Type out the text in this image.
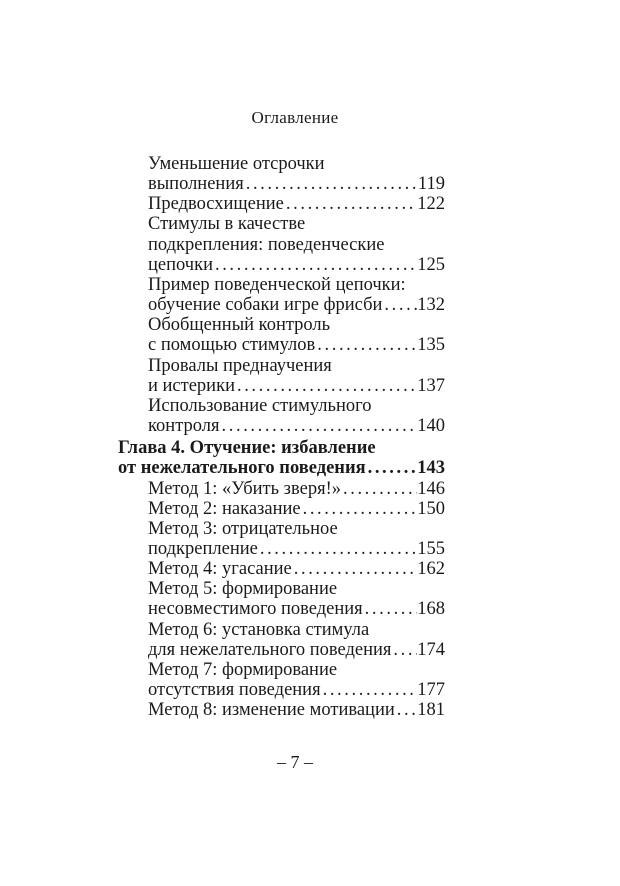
Оглавление
Уменьшение отсрочки
выполнения .....	119
Предвосхищение .....	122
Стимулы в качестве
подкрепления: поведенческие
цепочки .....	125
Пример поведенческой цепочки:
обучение собаки игре фрисби ..... 132
Обобщенный контроль
с помощью стимулов .....	135
Провалы преднаучения
и истерики .....	137
Использование стимульного
контроля .....	140
Глава 4. Отучение: избавление
от нежелательного поведения .....	143
Метод 1: «Убить зверя!» .....	146
Метод 2: наказание .....	150
Метод 3: отрицательное
подкрепление .....	155
Метод 4: угасание .....	162
Метод 5: формирование
несовместимого поведения .....	168
Метод 6: установка стимула
для нежелательного поведения ..... 174
Метод 7: формирование
отсутствия поведения .....	177
Метод 8: изменение мотивации ..... 181
– 7 –
